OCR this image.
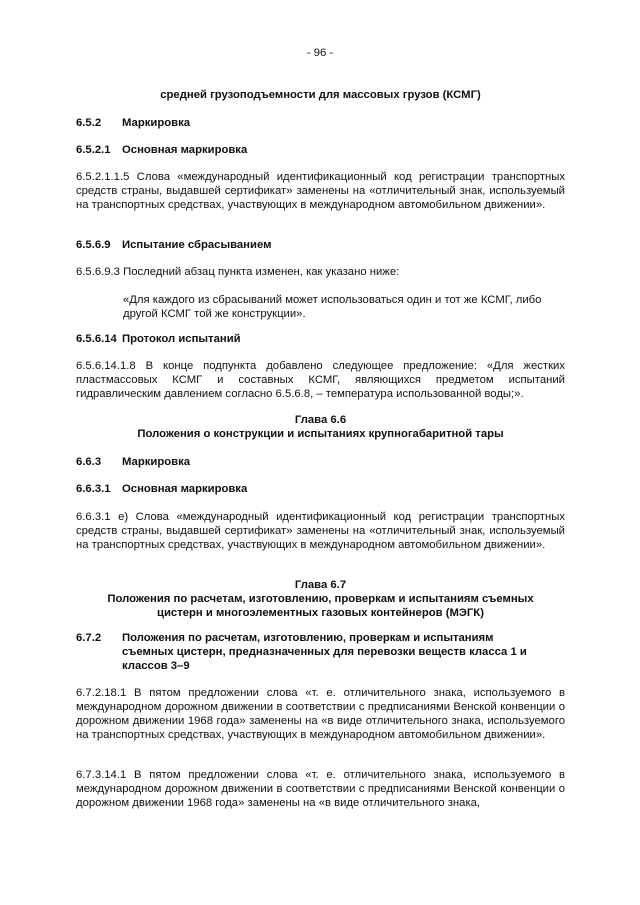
- 96 -
средней грузоподъемности для массовых грузов (КСМГ)
6.5.2 Маркировка
6.5.2.1 Основная маркировка
6.5.2.1.1.5 Слова «международный идентификационный код регистрации транспортных средств страны, выдавшей сертификат» заменены на «отличительный знак, используемый на транспортных средствах, участвующих в международном автомобильном движении».
6.5.6.9 Испытание сбрасыванием
6.5.6.9.3 Последний абзац пункта изменен, как указано ниже:
«Для каждого из сбрасываний может использоваться один и тот же КСМГ, либо другой КСМГ той же конструкции».
6.5.6.14 Протокол испытаний
6.5.6.14.1.8 В конце подпункта добавлено следующее предложение: «Для жестких пластмассовых КСМГ и составных КСМГ, являющихся предметом испытаний гидравлическим давлением согласно 6.5.6.8, – температура использованной воды;».
Глава 6.6
Положения о конструкции и испытаниях крупногабаритной тары
6.6.3 Маркировка
6.6.3.1 Основная маркировка
6.6.3.1 e) Слова «международный идентификационный код регистрации транспортных средств страны, выдавшей сертификат» заменены на «отличительный знак, используемый на транспортных средствах, участвующих в международном автомобильном движении».
Глава 6.7
Положения по расчетам, изготовлению, проверкам и испытаниям съемных
цистерн и многоэлементных газовых контейнеров (МЭГК)
6.7.2 Положения по расчетам, изготовлению, проверкам и испытаниям съемных цистерн, предназначенных для перевозки веществ класса 1 и классов 3–9
6.7.2.18.1 В пятом предложении слова «т. е. отличительного знака, используемого в международном дорожном движении в соответствии с предписаниями Венской конвенции о дорожном движении 1968 года» заменены на «в виде отличительного знака, используемого на транспортных средствах, участвующих в международном автомобильном движении».
6.7.3.14.1 В пятом предложении слова «т. е. отличительного знака, используемого в международном дорожном движении в соответствии с предписаниями Венской конвенции о дорожном движении 1968 года» заменены на «в виде отличительного знака,
